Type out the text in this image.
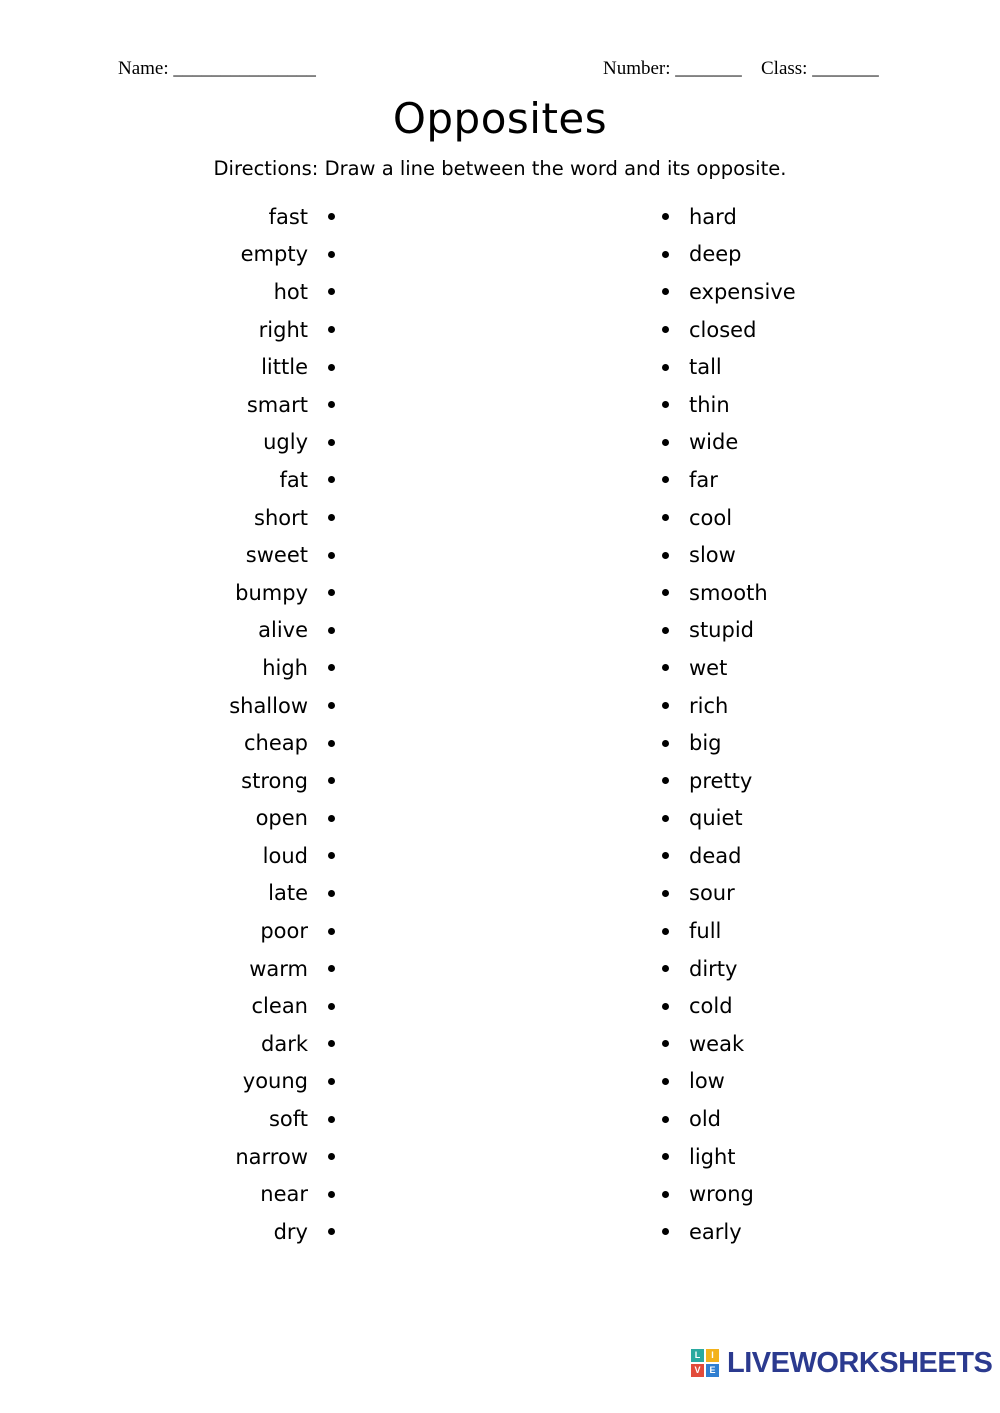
Name: _______________	Number: _______ Class: _______
Opposites
Directions: Draw a line between the word and its opposite.
fast
empty
hot
right
little
smart
ugly
fat
short
sweet
bumpy
alive
high
shallow
cheap
strong
open
loud
late
poor
warm
clean
dark
young
soft
narrow
near
dry
hard
deep
expensive
closed
tall
thin
wide
far
cool
slow
smooth
stupid
wet
rich
big
pretty
quiet
dead
sour
full
dirty
cold
weak
low
old
light
wrong
early
L	I
V E LIVEWORKSHEETS
